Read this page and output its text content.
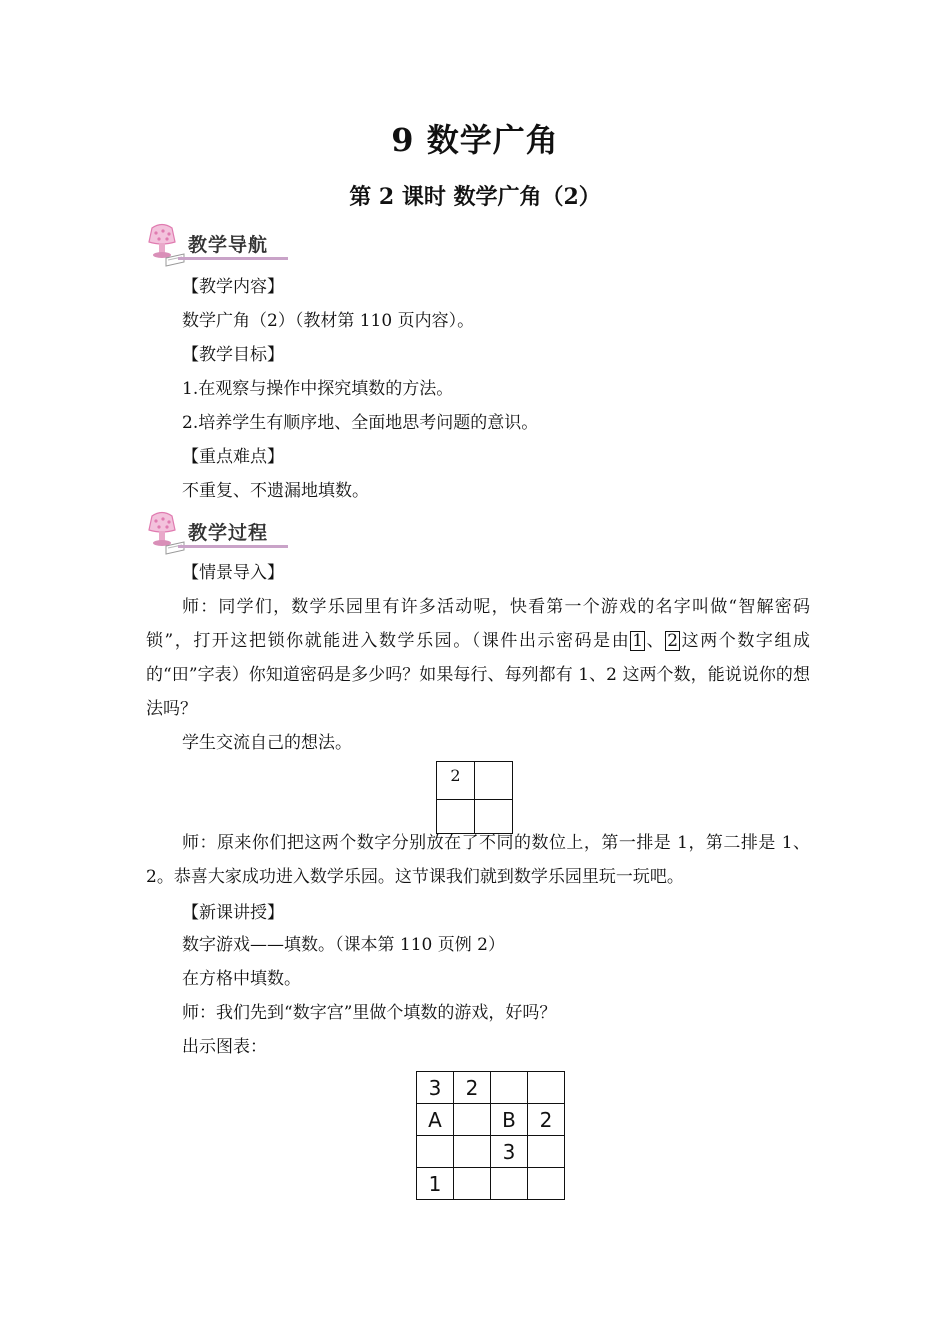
9 数学广角
第 2 课时 数学广角（2）
教学导航
【教学内容】
数学广角（2）（教材第 110 页内容）。
【教学目标】
1.在观察与操作中探究填数的方法。
2.培养学生有顺序地、全面地思考问题的意识。
【重点难点】
不重复、不遗漏地填数。
教学过程
【情景导入】
师：同学们，数学乐园里有许多活动呢，快看第一个游戏的名字叫做“智解密码锁”，打开这把锁你就能进入数学乐园。（课件出示密码是由 1 、 2 这两个数字组成的“田”字表）你知道密码是多少吗？如果每行、每列都有 1、2 这两个数，能说说你的想法吗？
学生交流自己的想法。
2	

师：原来你们把这两个数字分别放在了不同的数位上，第一排是 1，第二排是 1、2。恭喜大家成功进入数学乐园。这节课我们就到数学乐园里玩一玩吧。
【新课讲授】
数字游戏——填数。（课本第 110 页例 2）
在方格中填数。
师：我们先到“数字宫”里做个填数的游戏，好吗？
出示图表：
3	2		
A		B	2
		3	
1			
